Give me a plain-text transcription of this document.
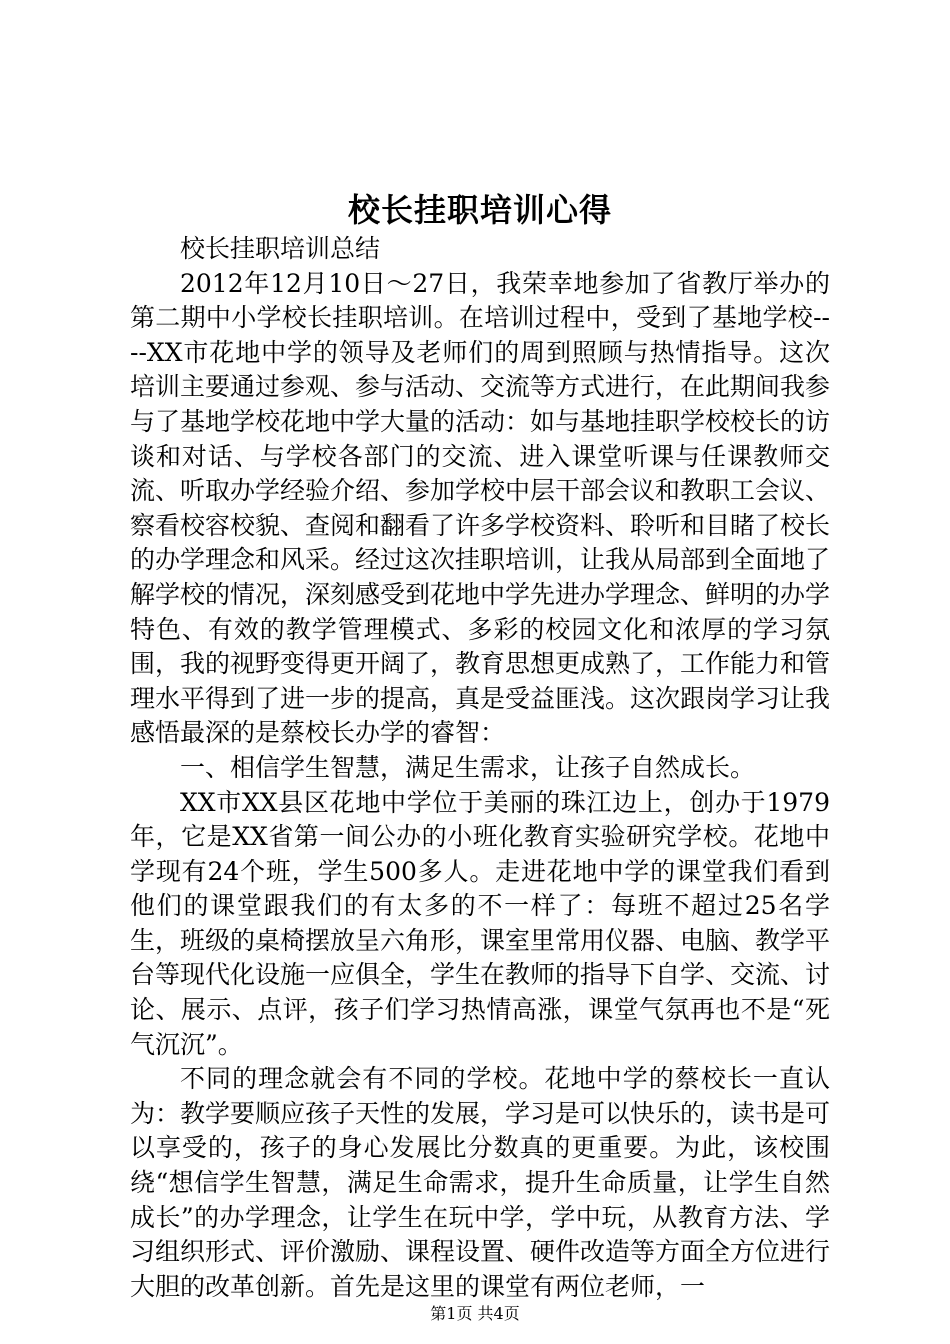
校长挂职培训心得

校长挂职培训总结

2012年12月10日～27日，我荣幸地参加了省教厅举办的第二期中小学校长挂职培训。在培训过程中，受到了基地学校----XX市花地中学的领导及老师们的周到照顾与热情指导。这次培训主要通过参观、参与活动、交流等方式进行，在此期间我参与了基地学校花地中学大量的活动：如与基地挂职学校校长的访谈和对话、与学校各部门的交流、进入课堂听课与任课教师交流、听取办学经验介绍、参加学校中层干部会议和教职工会议、察看校容校貌、查阅和翻看了许多学校资料、聆听和目睹了校长的办学理念和风采。经过这次挂职培训，让我从局部到全面地了解学校的情况，深刻感受到花地中学先进办学理念、鲜明的办学特色、有效的教学管理模式、多彩的校园文化和浓厚的学习氛围，我的视野变得更开阔了，教育思想更成熟了，工作能力和管理水平得到了进一步的提高，真是受益匪浅。这次跟岗学习让我感悟最深的是蔡校长办学的睿智：

一、相信学生智慧，满足生需求，让孩子自然成长。

XX市XX县区花地中学位于美丽的珠江边上，创办于1979年，它是XX省第一间公办的小班化教育实验研究学校。花地中学现有24个班，学生500多人。走进花地中学的课堂我们看到他们的课堂跟我们的有太多的不一样了：每班不超过25名学生，班级的桌椅摆放呈六角形，课室里常用仪器、电脑、教学平台等现代化设施一应俱全，学生在教师的指导下自学、交流、讨论、展示、点评，孩子们学习热情高涨，课堂气氛再也不是“死气沉沉”。

不同的理念就会有不同的学校。花地中学的蔡校长一直认为：教学要顺应孩子天性的发展，学习是可以快乐的，读书是可以享受的，孩子的身心发展比分数真的更重要。为此，该校围绕“想信学生智慧，满足生命需求，提升生命质量，让学生自然成长”的办学理念，让学生在玩中学，学中玩，从教育方法、学习组织形式、评价激励、课程设置、硬件改造等方面全方位进行大胆的改革创新。首先是这里的课堂有两位老师，一

第1页 共4页
